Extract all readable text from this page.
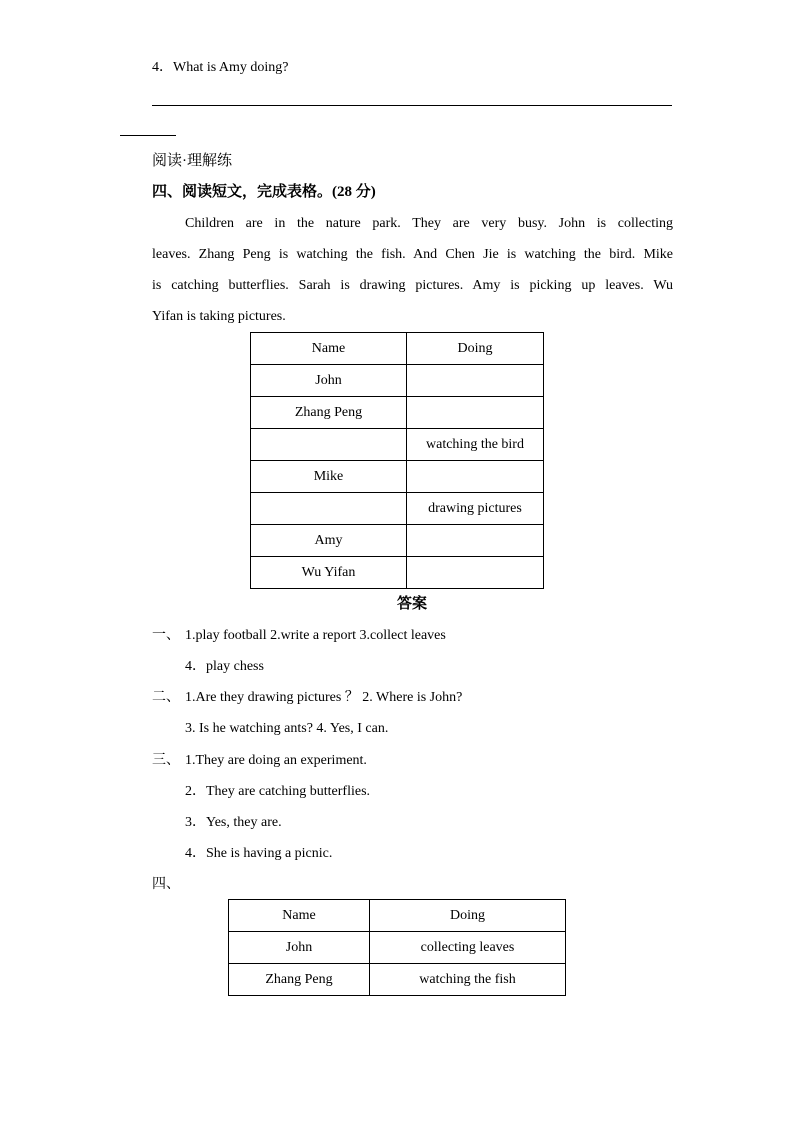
4．What is Amy doing?
阅读·理解练
四、阅读短文，完成表格。(28 分)
Children are in the nature park. They are very busy. John is collecting
leaves. Zhang Peng is watching the fish. And Chen Jie is watching the bird. Mike
is catching butterflies. Sarah is drawing pictures. Amy is picking up leaves. Wu
Yifan is taking pictures.
Name	Doing
John	
Zhang Peng	
	watching the bird
Mike	
	drawing pictures
Amy	
Wu Yifan	
答案
一、 1.play football 2.write a report 3.collect leaves
4．play chess
二、 1.Are they drawing pictures ？ 2. Where is John?
3. Is he watching ants? 4. Yes, I can.
三、 1.They are doing an experiment.
2．They are catching butterflies.
3．Yes, they are.
4．She is having a picnic.
四、
Name	Doing
John	collecting leaves
Zhang Peng	watching the fish
